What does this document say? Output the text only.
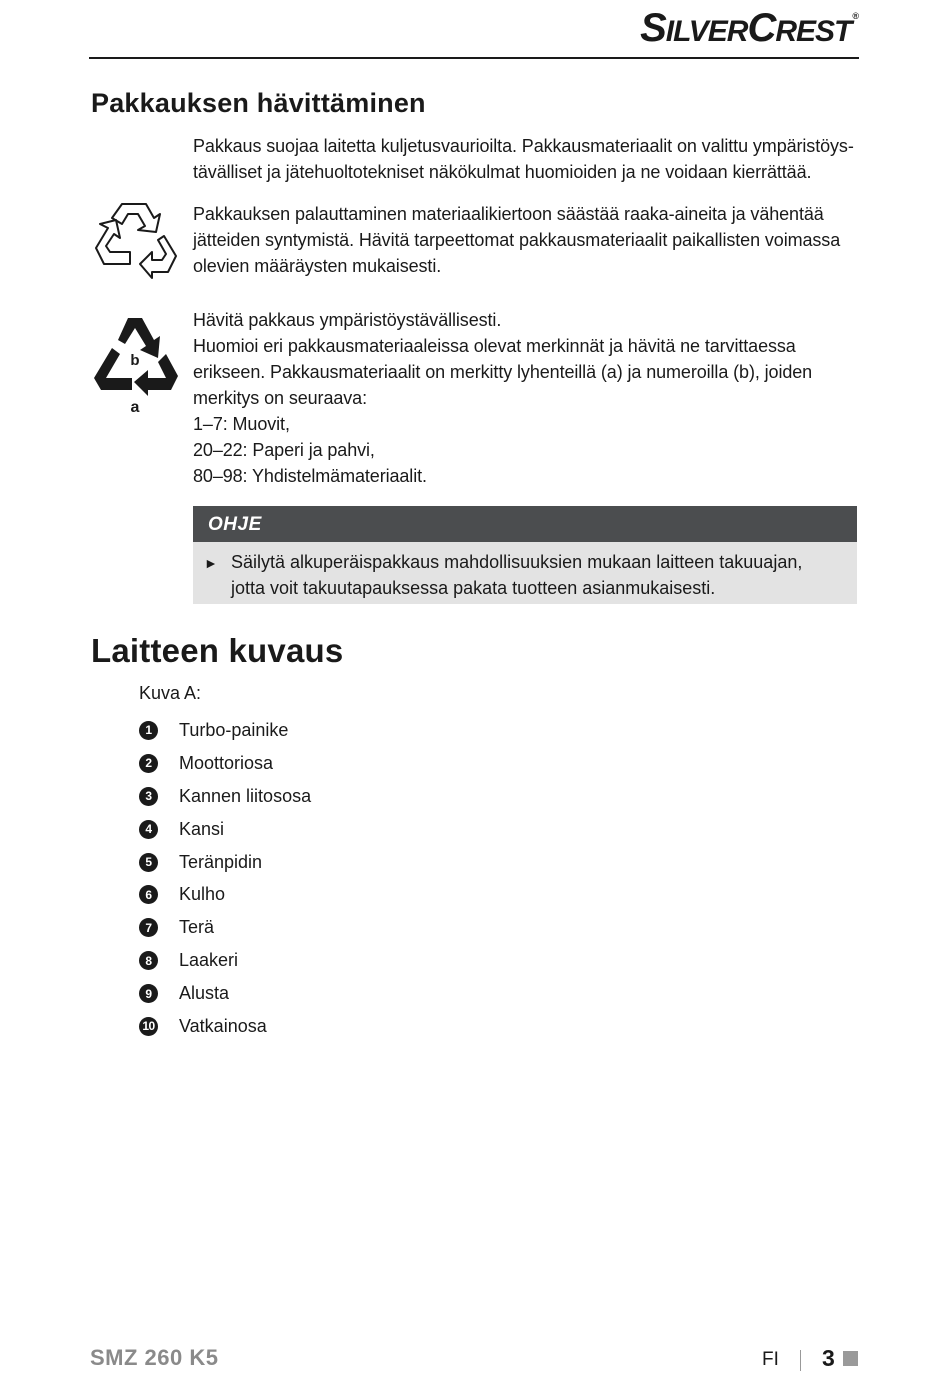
SILVERCREST®
Pakkauksen hävittäminen

Pakkaus suojaa laitetta kuljetusvaurioilta. Pakkausmateriaalit on valittu ympäristöys-
tävälliset ja jätehuoltotekniset näkökulmat huomioiden ja ne voidaan kierrättää.

Pakkauksen palauttaminen materiaalikiertoon säästää raaka-aineita ja vähentää
jätteiden syntymistä. Hävitä tarpeettomat pakkausmateriaalit paikallisten voimassa
olevien määräysten mukaisesti.

b
a

Hävitä pakkaus ympäristöystävällisesti.
Huomioi eri pakkausmateriaaleissa olevat merkinnät ja hävitä ne tarvittaessa
erikseen. Pakkausmateriaalit on merkitty lyhenteillä (a) ja numeroilla (b), joiden
merkitys on seuraava:
1–7: Muovit,
20–22: Paperi ja pahvi,
80–98: Yhdistelmämateriaalit.

OHJE
► Säilytä alkuperäispakkaus mahdollisuuksien mukaan laitteen takuuajan,
jotta voit takuutapauksessa pakata tuotteen asianmukaisesti.
Laitteen kuvaus
Kuva A:
1	Turbo-painike
2	Moottoriosa
3	Kannen liitososa
4	Kansi
5	Teränpidin
6	Kulho
7	Terä
8	Laakeri
9	Alusta
10 Vatkainosa
SMZ 260 K5	FI 3
